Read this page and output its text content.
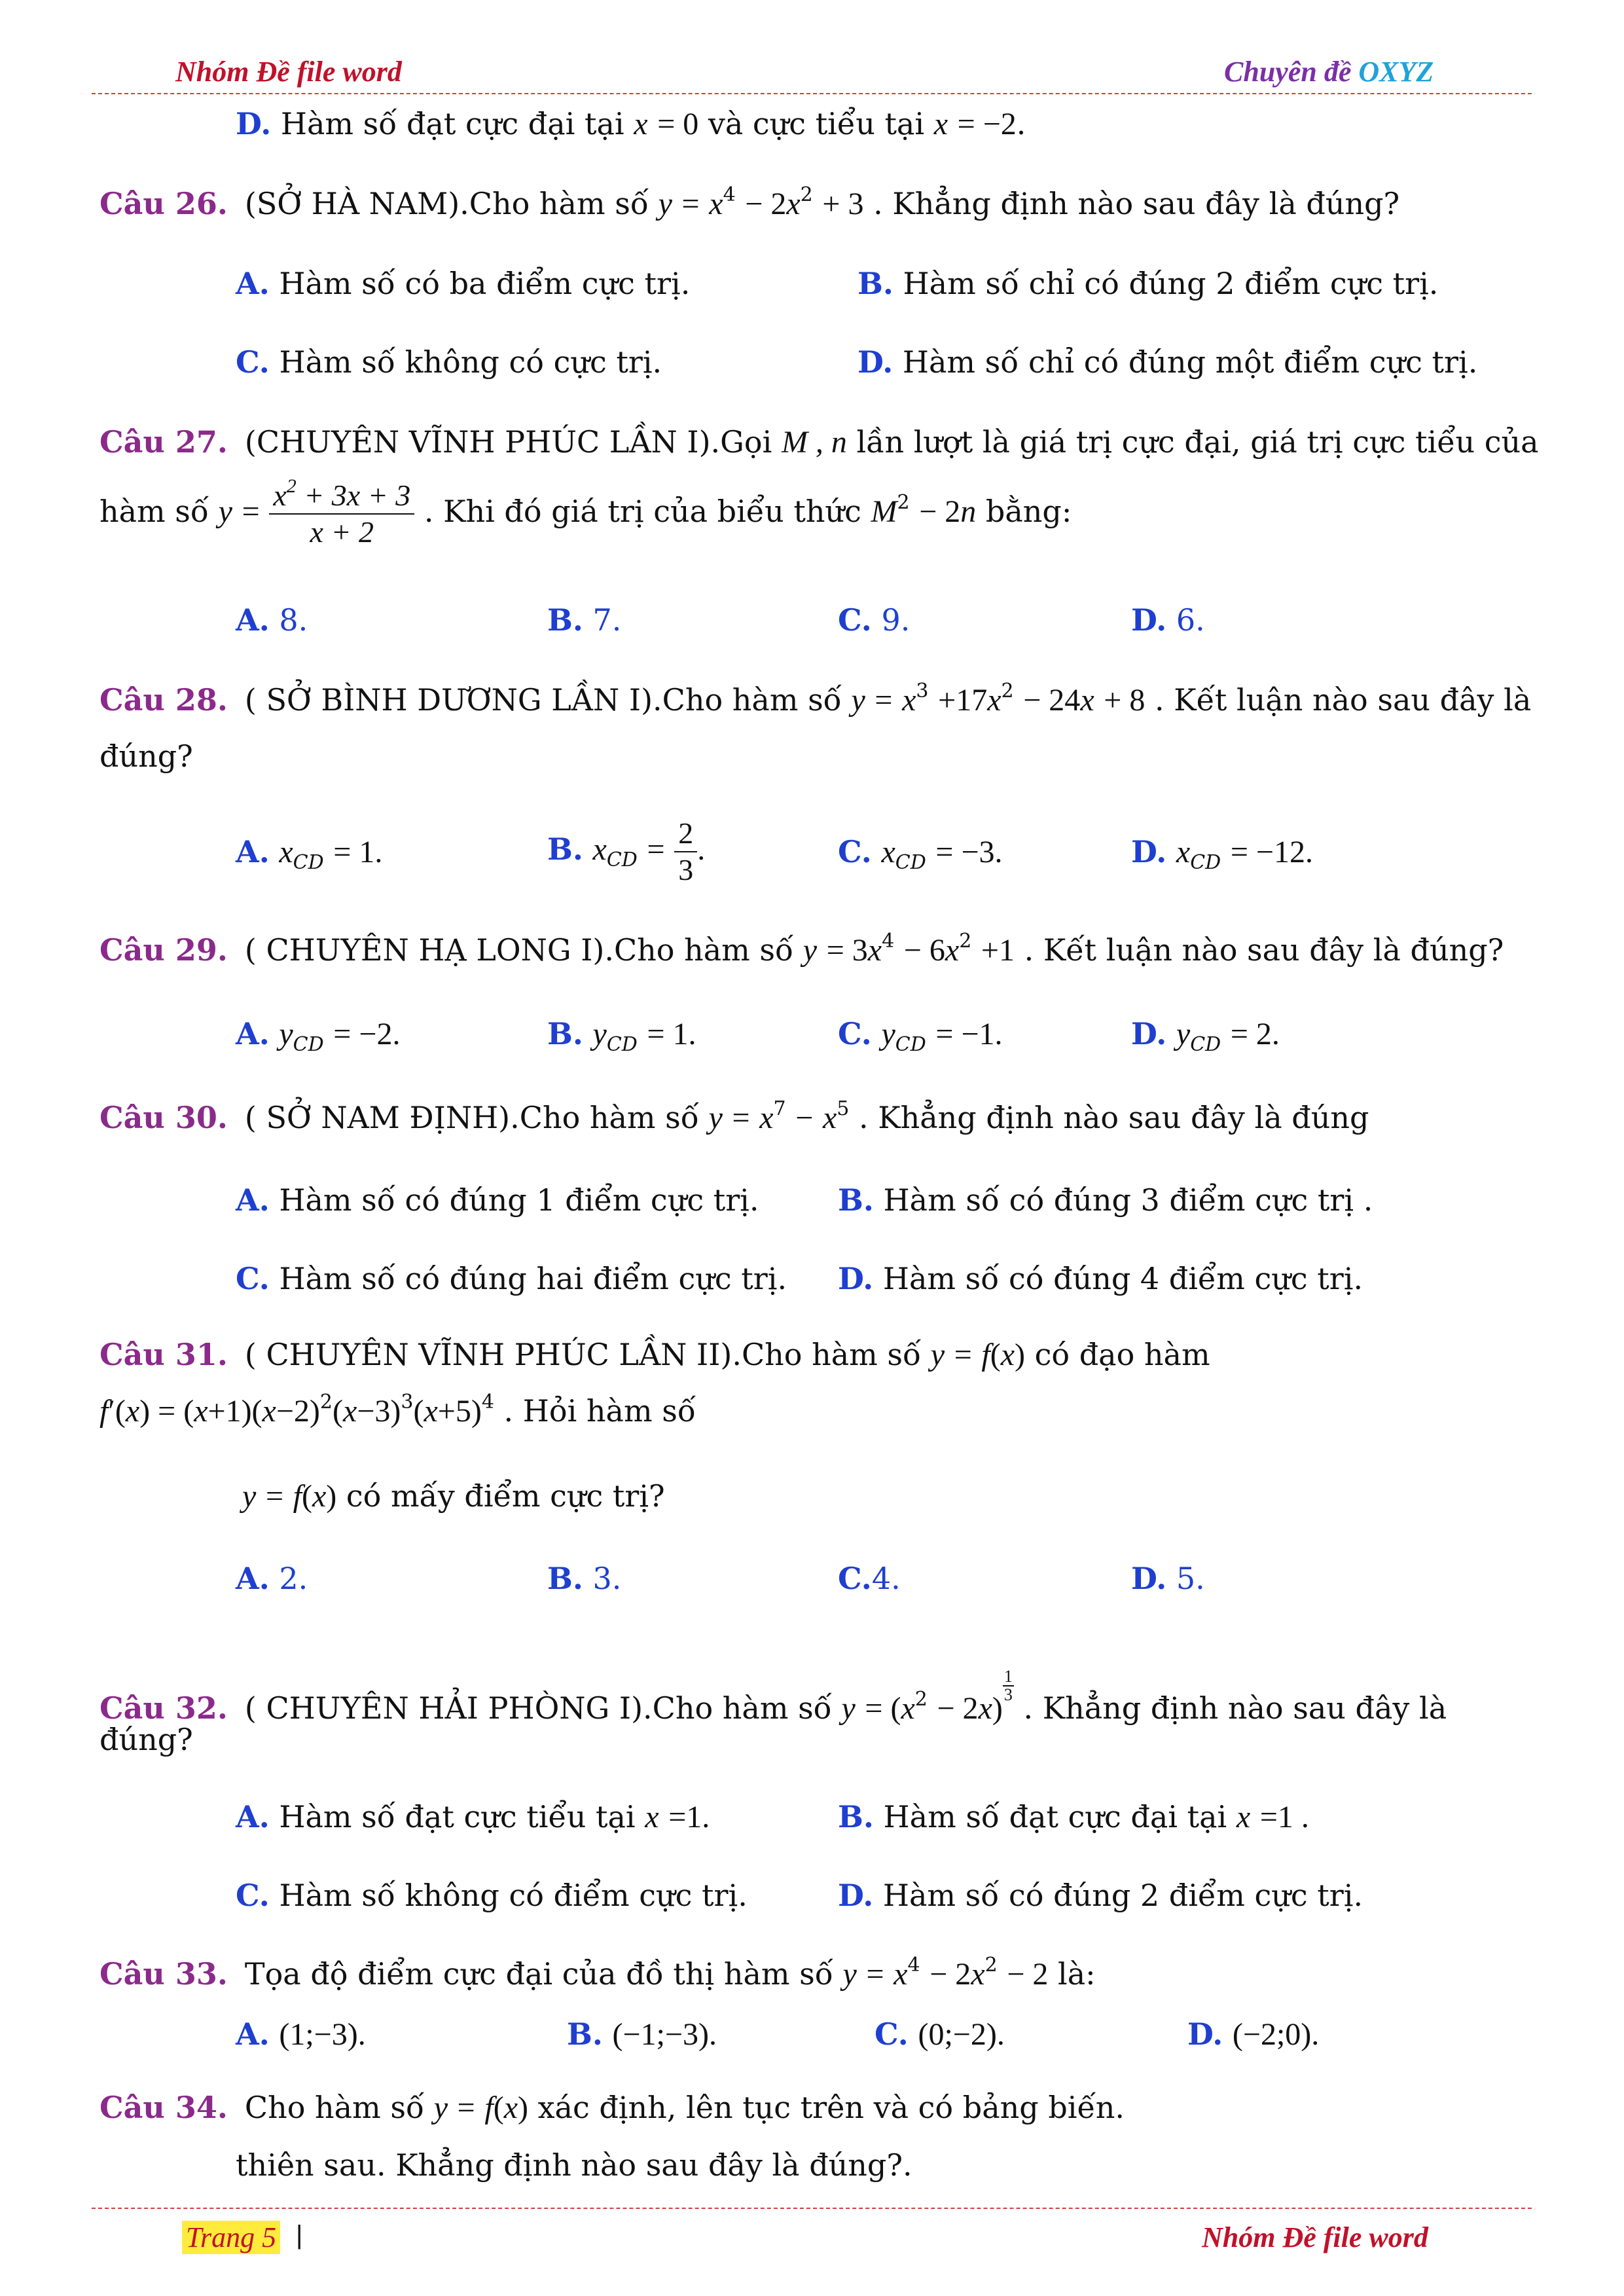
Nhóm Đề file word	Chuyên đề OXYZ
D. Hàm số đạt cực đại tại x = 0 và cực tiểu tại x = −2.
Câu 26. (SỞ HÀ NAM).Cho hàm số $y = x^4 - 2x^2 + 3$ . Khẳng định nào sau đây là đúng?
A. Hàm số có ba điểm cực trị.	B. Hàm số chỉ có đúng 2 điểm cực trị.
C. Hàm số không có cực trị.	D. Hàm số chỉ có đúng một điểm cực trị.
Câu 27. (CHUYÊN VĨNH PHÚC LẦN I).Gọi M , n lần lượt là giá trị cực đại, giá trị cực tiểu của
hàm số $y = \frac{x^2 + 3x + 3}{x + 2}$ . Khi đó giá trị của biểu thức $M^2 - 2n$ bằng:
A. 8.	B. 7.	C. 9.	D. 6.
Câu 28. ( SỞ BÌNH DƯƠNG LẦN I).Cho hàm số $y = x^3 +17x^2 - 24x + 8$ . Kết luận nào sau đây là
đúng?
A. $x_{CD} = 1$.	B. $x_{CD} = \frac{2}{3}$ .	C. $x_{CD} = -3$.	D. $x_{CD} = -12$.
Câu 29. ( CHUYÊN HẠ LONG I).Cho hàm số $y = 3x^4 - 6x^2 +1$ . Kết luận nào sau đây là đúng?
A. $y_{CD} = -2$.	B. $y_{CD} = 1$.	C. $y_{CD} = -1$.	D. $y_{CD} = 2$.
Câu 30. ( SỞ NAM ĐỊNH).Cho hàm số $y = x^7 - x^5$ . Khẳng định nào sau đây là đúng
A. Hàm số có đúng 1 điểm cực trị.	B. Hàm số có đúng 3 điểm cực trị .
C. Hàm số có đúng hai điểm cực trị. D. Hàm số có đúng 4 điểm cực trị.
Câu 31. ( CHUYÊN VĨNH PHÚC LẦN II).Cho hàm số y = f(x) có đạo hàm
$f'(x) = (x+1)(x-2)^2(x-3)^3(x+5)^4$ . Hỏi hàm số
y = f(x) có mấy điểm cực trị?
A. 2.	B. 3.	C.4.	D. 5.
Câu 32. ( CHUYÊN HẢI PHÒNG I).Cho hàm số $y = (x^2 - 2x)$
$\frac{1}{3}$
. Khẳng định nào sau đây là
đúng?
A. Hàm số đạt cực tiểu tại x =1.	B. Hàm số đạt cực đại tại x =1 .
C. Hàm số không có điểm cực trị.	D. Hàm số có đúng 2 điểm cực trị.
Câu 33. Tọa độ điểm cực đại của đồ thị hàm số $y = x^4 - 2x^2 - 2$ là:
A. (1;−3).	B. (−1;−3).	C. (0;−2).	D. (−2;0).
Câu 34. Cho hàm số y = f(x) xác định, lên tục trên và có bảng biến.
thiên sau. Khẳng định nào sau đây là đúng?.
Trang 5 |	Nhóm Đề file word
